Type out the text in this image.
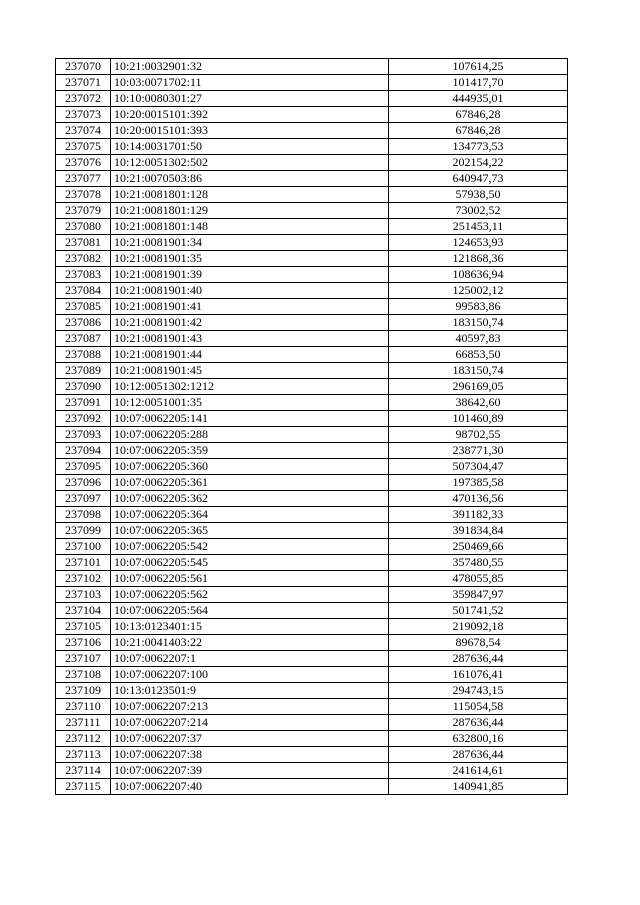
237070	10:21:0032901:32	107614,25
237071	10:03:0071702:11	101417,70
237072	10:10:0080301:27	444935,01
237073	10:20:0015101:392	67846,28
237074	10:20:0015101:393	67846,28
237075	10:14:0031701:50	134773,53
237076	10:12:0051302:502	202154,22
237077	10:21:0070503:86	640947,73
237078	10:21:0081801:128	57938,50
237079	10:21:0081801:129	73002,52
237080	10:21:0081801:148	251453,11
237081	10:21:0081901:34	124653,93
237082	10:21:0081901:35	121868,36
237083	10:21:0081901:39	108636,94
237084	10:21:0081901:40	125002,12
237085	10:21:0081901:41	99583,86
237086	10:21:0081901:42	183150,74
237087	10:21:0081901:43	40597,83
237088	10:21:0081901:44	66853,50
237089	10:21:0081901:45	183150,74
237090	10:12:0051302:1212	296169,05
237091	10:12:0051001:35	38642,60
237092	10:07:0062205:141	101460,89
237093	10:07:0062205:288	98702,55
237094	10:07:0062205:359	238771,30
237095	10:07:0062205:360	507304,47
237096	10:07:0062205:361	197385,58
237097	10:07:0062205:362	470136,56
237098	10:07:0062205:364	391182,33
237099	10:07:0062205:365	391834,84
237100	10:07:0062205:542	250469,66
237101	10:07:0062205:545	357480,55
237102	10:07:0062205:561	478055,85
237103	10:07:0062205:562	359847,97
237104	10:07:0062205:564	501741,52
237105	10:13:0123401:15	219092,18
237106	10:21:0041403:22	89678,54
237107	10:07:0062207:1	287636,44
237108	10:07:0062207:100	161076,41
237109	10:13:0123501:9	294743,15
237110	10:07:0062207:213	115054,58
237111	10:07:0062207:214	287636,44
237112	10:07:0062207:37	632800,16
237113	10:07:0062207:38	287636,44
237114	10:07:0062207:39	241614,61
237115	10:07:0062207:40	140941,85
